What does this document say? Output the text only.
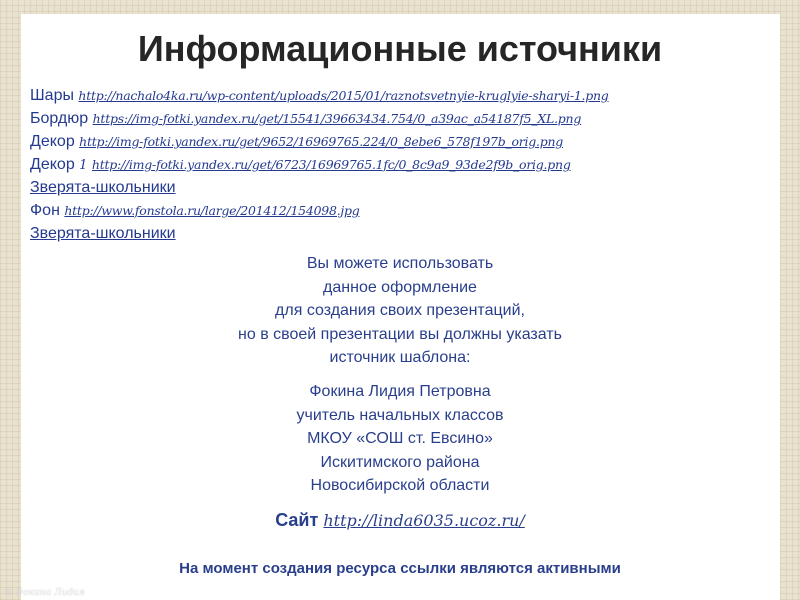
Информационные источники
Шары http://nachalo4ka.ru/wp-content/uploads/2015/01/raznotsvetnyie-kruglyie-sharyi-1.png
Бордюр https://img-fotki.yandex.ru/get/15541/39663434.754/0_a39ac_a54187f5_XL.png
Декор http://img-fotki.yandex.ru/get/9652/16969765.224/0_8ebe6_578f197b_orig.png
Декор 1 http://img-fotki.yandex.ru/get/6723/16969765.1fc/0_8c9a9_93de2f9b_orig.png
Зверята-школьники
Фон http://www.fonstola.ru/large/201412/154098.jpg
Зверята-школьники
Вы можете использовать
данное оформление
для создания своих презентаций,
но в своей презентации вы должны указать
источник шаблона:
Фокина Лидия Петровна
учитель начальных классов
МКОУ «СОШ ст. Евсино»
Искитимского района
Новосибирской области
Сайт http://linda6035.ucoz.ru/
На момент создания ресурса ссылки являются активными
© Фокина Лидия
